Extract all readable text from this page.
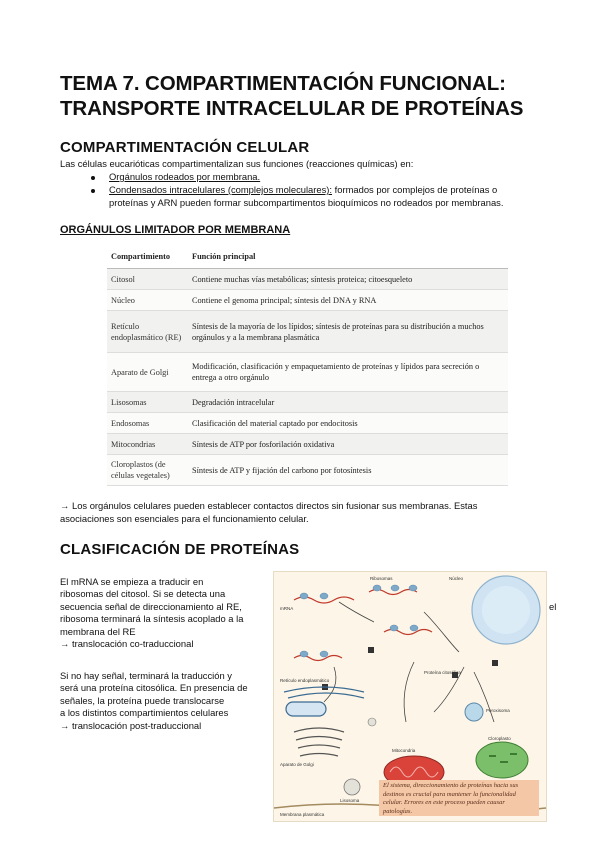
TEMA 7. COMPARTIMENTACIÓN FUNCIONAL:
TRANSPORTE INTRACELULAR DE PROTEÍNAS
COMPARTIMENTACIÓN CELULAR
Las células eucarióticas compartimentalizan sus funciones (reacciones químicas) en:
Orgánulos rodeados por membrana.
Condensados intracelulares (complejos moleculares): formados por complejos de proteínas o
proteínas y ARN pueden formar subcompartimentos bioquímicos no rodeados por membranas.
ORGÁNULOS LIMITADOR POR MEMBRANA
Compartimiento	Función principal
Citosol	Contiene muchas vías metabólicas; síntesis proteica; citoesqueleto
Núcleo	Contiene el genoma principal; síntesis del DNA y RNA
Retículo endoplasmático (RE)	Síntesis de la mayoría de los lípidos; síntesis de proteínas para su distribución a muchos orgánulos y a la membrana plasmática
Aparato de Golgi	Modificación, clasificación y empaquetamiento de proteínas y lípidos para secreción o entrega a otro orgánulo
Lisosomas	Degradación intracelular
Endosomas	Clasificación del material captado por endocitosis
Mitocondrias	Síntesis de ATP por fosforilación oxidativa
Cloroplastos (de células vegetales)	Síntesis de ATP y fijación del carbono por fotosíntesis
→ Los orgánulos celulares pueden establecer contactos directos sin fusionar sus membranas. Estas
asociaciones son esenciales para el funcionamiento celular.
CLASIFICACIÓN DE PROTEÍNAS
El mRNA se empieza a traducir en
ribosomas del citosol. Si se detecta una
secuencia señal de direccionamiento al RE,
ribosoma terminará la síntesis acoplado a la
membrana del RE
→ translocación co-traduccional
el
Si no hay señal, terminará la traducción y
será una proteína citosólica. En presencia de
señales, la proteína puede translocarse
a los distintos compartimientos celulares
→ translocación post-traduccional
Núcleo
mRNA
Ribosomas
Retículo endoplasmático
Aparato de Golgi
Lisosoma
Mitocondria
Cloroplasto
Peroxisoma
Proteína citosólica
Membrana plasmática
El sistema, direccionamiento de proteínas hacia sus destinos es crucial para mantener la funcionalidad celular. Errores en este proceso pueden causar patologías.
